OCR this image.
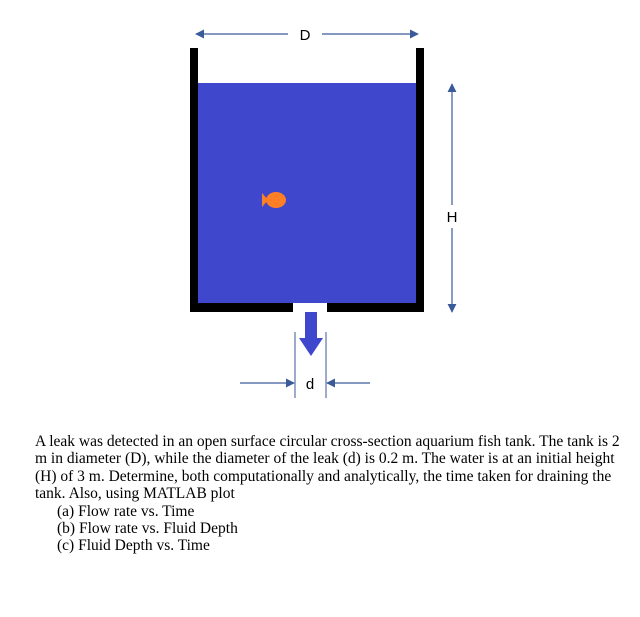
D
H
d

A leak was detected in an open surface circular cross-section aquarium fish tank. The tank is 2 m in diameter (D), while the diameter of the leak (d) is 0.2 m. The water is at an initial height (H) of 3 m. Determine, both computationally and analytically, the time taken for draining the tank. Also, using MATLAB plot

(a) Flow rate vs. Time
(b) Flow rate vs. Fluid Depth
(c) Fluid Depth vs. Time
